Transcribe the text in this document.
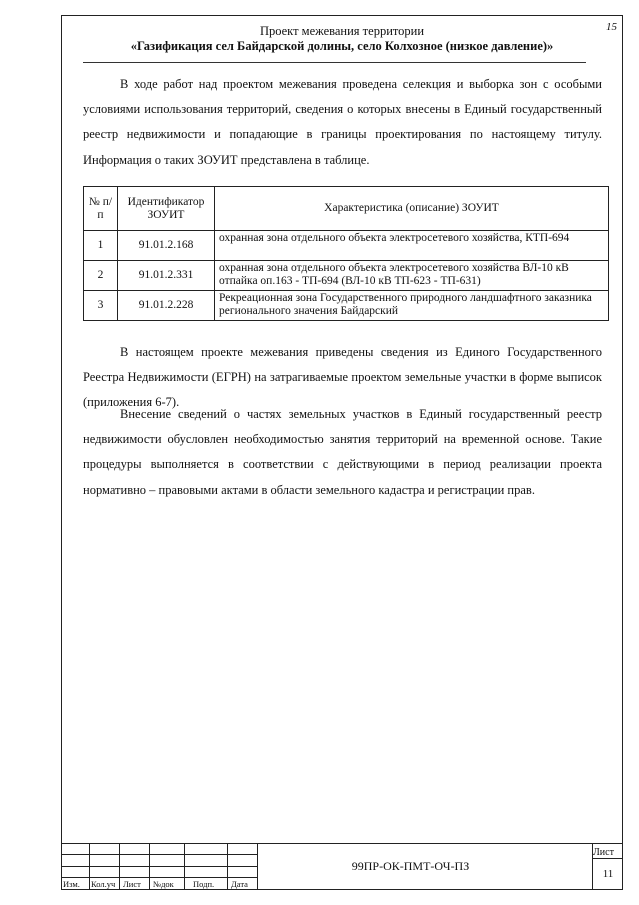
15
Проект межевания территории
«Газификация сел Байдарской долины, село Колхозное (низкое давление)»

В ходе работ над проектом межевания проведена селекция и выборка зон с особыми условиями использования территорий, сведения о которых внесены в Единый государственный реестр недвижимости и попадающие в границы проектирования по настоящему титулу. Информация о таких ЗОУИТ представлена в таблице.

№ п/п	Идентификатор ЗОУИТ	Характеристика (описание) ЗОУИТ
1	91.01.2.168	охранная зона отдельного объекта электросетевого хозяйства, КТП-694
2	91.01.2.331	охранная зона отдельного объекта электросетевого хозяйства ВЛ-10 кВ отпайка оп.163 - ТП-694 (ВЛ-10 кВ ТП-623 - ТП-631)
3	91.01.2.228	Рекреационная зона Государственного природного ландшафтного заказника регионального значения Байдарский

В настоящем проекте межевания приведены сведения из Единого Государственного Реестра Недвижимости (ЕГРН) на затрагиваемые проектом земельные участки в форме выписок (приложения 6-7).

Внесение сведений о частях земельных участков в Единый государственный реестр недвижимости обусловлен необходимостью занятия территорий на временной основе. Такие процедуры выполняется в соответствии с действующими в период реализации проекта нормативно – правовыми актами в области земельного кадастра и регистрации прав.

Изм. Кол.уч Лист №док Подп. Дата
99ПР-ОК-ПМТ-ОЧ-ПЗ
Лист
11
